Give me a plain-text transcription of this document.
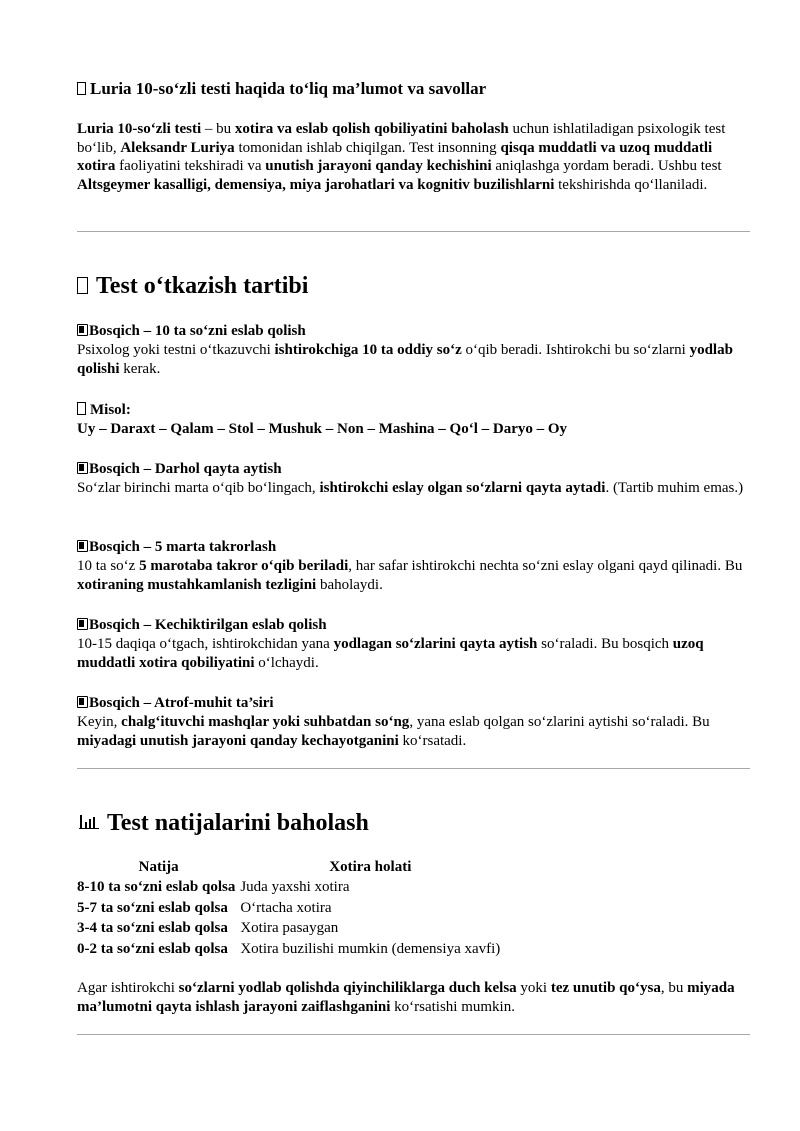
Luria 10-so‘zli testi haqida to‘liq ma’lumot va savollar
Luria 10-so‘zli testi – bu xotira va eslab qolish qobiliyatini baholash uchun ishlatiladigan psixologik test bo‘lib, Aleksandr Luriya tomonidan ishlab chiqilgan. Test insonning qisqa muddatli va uzoq muddatli xotira faoliyatini tekshiradi va unutish jarayoni qanday kechishini aniqlashga yordam beradi. Ushbu test Altsgeymer kasalligi, demensiya, miya jarohatlari va kognitiv buzilishlarni tekshirishda qo‘llaniladi.
Test o‘tkazish tartibi
Bosqich – 10 ta so‘zni eslab qolish
Psixolog yoki testni o‘tkazuvchi ishtirokchiga 10 ta oddiy so‘z o‘qib beradi. Ishtirokchi bu so‘zlarni yodlab qolishi kerak.
Misol:
Uy – Daraxt – Qalam – Stol – Mushuk – Non – Mashina – Qo‘l – Daryo – Oy
Bosqich – Darhol qayta aytish
So‘zlar birinchi marta o‘qib bo‘lingach, ishtirokchi eslay olgan so‘zlarni qayta aytadi. (Tartib muhim emas.)
Bosqich – 5 marta takrorlash
10 ta so‘z 5 marotaba takror o‘qib beriladi, har safar ishtirokchi nechta so‘zni eslay olgani qayd qilinadi. Bu xotiraning mustahkamlanish tezligini baholaydi.
Bosqich – Kechiktirilgan eslab qolish
10-15 daqiqa o‘tgach, ishtirokchidan yana yodlagan so‘zlarini qayta aytish so‘raladi. Bu bosqich uzoq muddatli xotira qobiliyatini o‘lchaydi.
Bosqich – Atrof-muhit ta’siri
Keyin, chalg‘ituvchi mashqlar yoki suhbatdan so‘ng, yana eslab qolgan so‘zlarini aytishi so‘raladi. Bu miyadagi unutish jarayoni qanday kechayotganini ko‘rsatadi.
Test natijalarini baholash
Natija	Xotira holati
8-10 ta so‘zni eslab qolsa	Juda yaxshi xotira
5-7 ta so‘zni eslab qolsa	O‘rtacha xotira
3-4 ta so‘zni eslab qolsa	Xotira pasaygan
0-2 ta so‘zni eslab qolsa	Xotira buzilishi mumkin (demensiya xavfi)
Agar ishtirokchi so‘zlarni yodlab qolishda qiyinchiliklarga duch kelsa yoki tez unutib qo‘ysa, bu miyada ma’lumotni qayta ishlash jarayoni zaiflashganini ko‘rsatishi mumkin.
